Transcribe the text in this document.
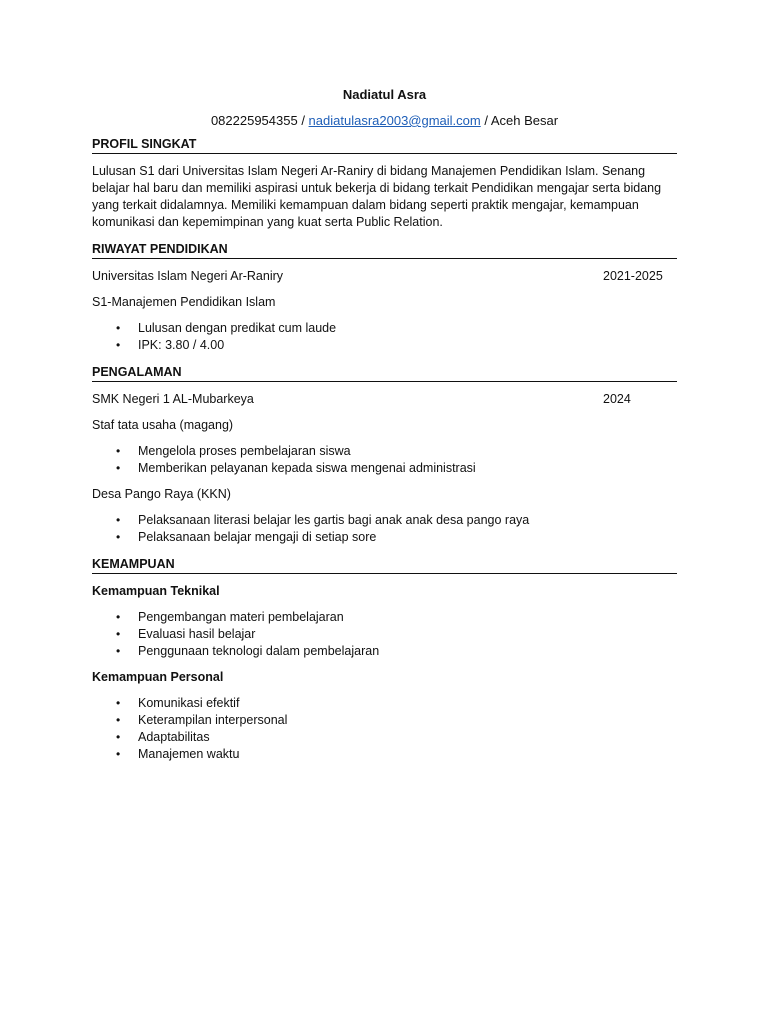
Nadiatul Asra
082225954355 / nadiatulasra2003@gmail.com / Aceh Besar
PROFIL SINGKAT

Lulusan S1 dari Universitas Islam Negeri Ar-Raniry di bidang Manajemen Pendidikan Islam. Senang belajar hal baru dan memiliki aspirasi untuk bekerja di bidang terkait Pendidikan mengajar serta bidang yang terkait didalamnya. Memiliki kemampuan dalam bidang seperti praktik mengajar, kemampuan komunikasi dan kepemimpinan yang kuat serta Public Relation.

RIWAYAT PENDIDIKAN
Universitas Islam Negeri Ar-Raniry	2021-2025
S1-Manajemen Pendidikan Islam
• Lulusan dengan predikat cum laude
• IPK: 3.80 / 4.00
PENGALAMAN
SMK Negeri 1 AL-Mubarkeya	2024
Staf tata usaha (magang)
• Mengelola proses pembelajaran siswa
• Memberikan pelayanan kepada siswa mengenai administrasi
Desa Pango Raya (KKN)
• Pelaksanaan literasi belajar les gartis bagi anak anak desa pango raya
• Pelaksanaan belajar mengaji di setiap sore
KEMAMPUAN
Kemampuan Teknikal
• Pengembangan materi pembelajaran
• Evaluasi hasil belajar
• Penggunaan teknologi dalam pembelajaran
Kemampuan Personal
• Komunikasi efektif
• Keterampilan interpersonal
• Adaptabilitas
• Manajemen waktu
